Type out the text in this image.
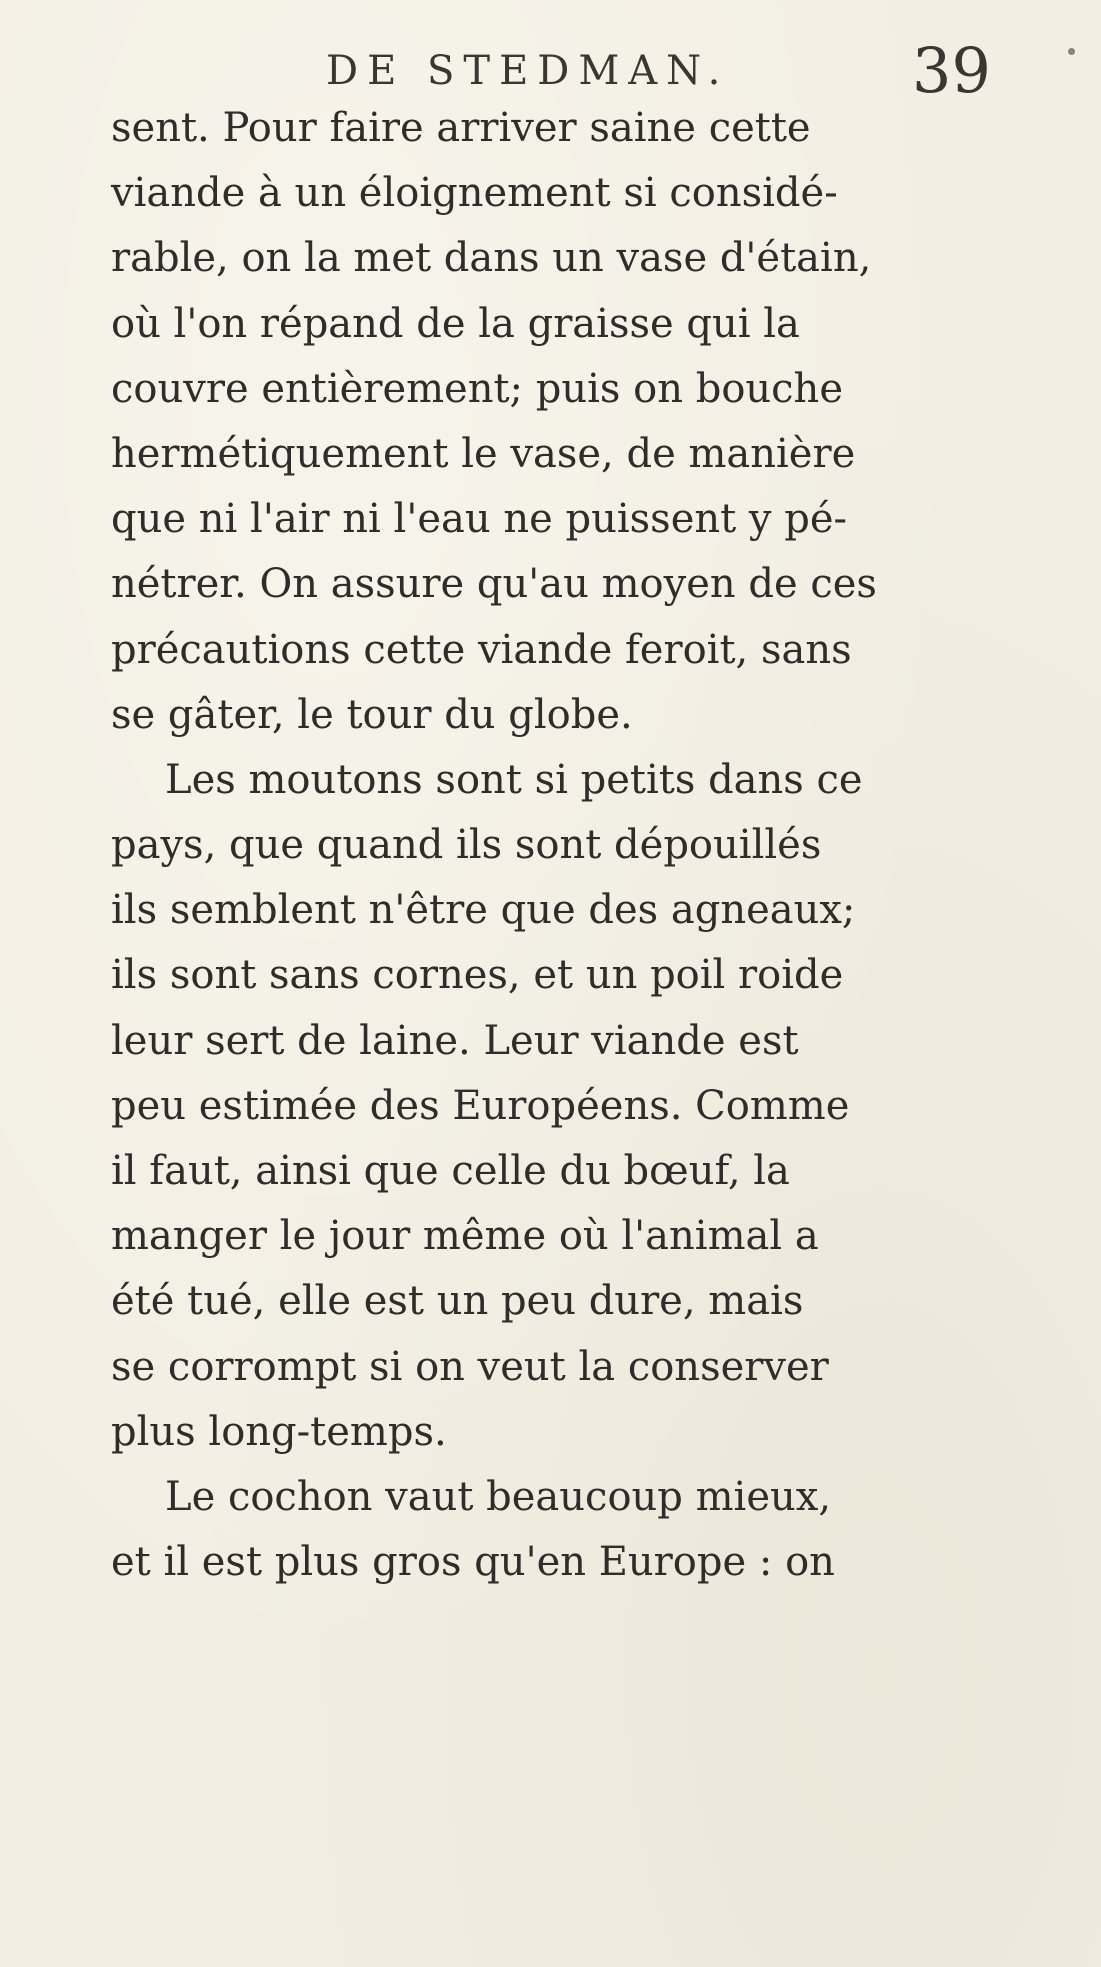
DE STEDMAN.	39
sent. Pour faire arriver saine cette
viande à un éloignement si considé-
rable, on la met dans un vase d'étain,
où l'on répand de la graisse qui la
couvre entièrement; puis on bouche
hermétiquement le vase, de manière
que ni l'air ni l'eau ne puissent y pé-
nétrer. On assure qu'au moyen de ces
précautions cette viande feroit, sans
se gâter, le tour du globe.
Les moutons sont si petits dans ce
pays, que quand ils sont dépouillés
ils semblent n'être que des agneaux;
ils sont sans cornes, et un poil roide
leur sert de laine. Leur viande est
peu estimée des Européens. Comme
il faut, ainsi que celle du bœuf, la
manger le jour même où l'animal a
été tué, elle est un peu dure, mais
se corrompt si on veut la conserver
plus long-temps.
Le cochon vaut beaucoup mieux,
et il est plus gros qu'en Europe : on
